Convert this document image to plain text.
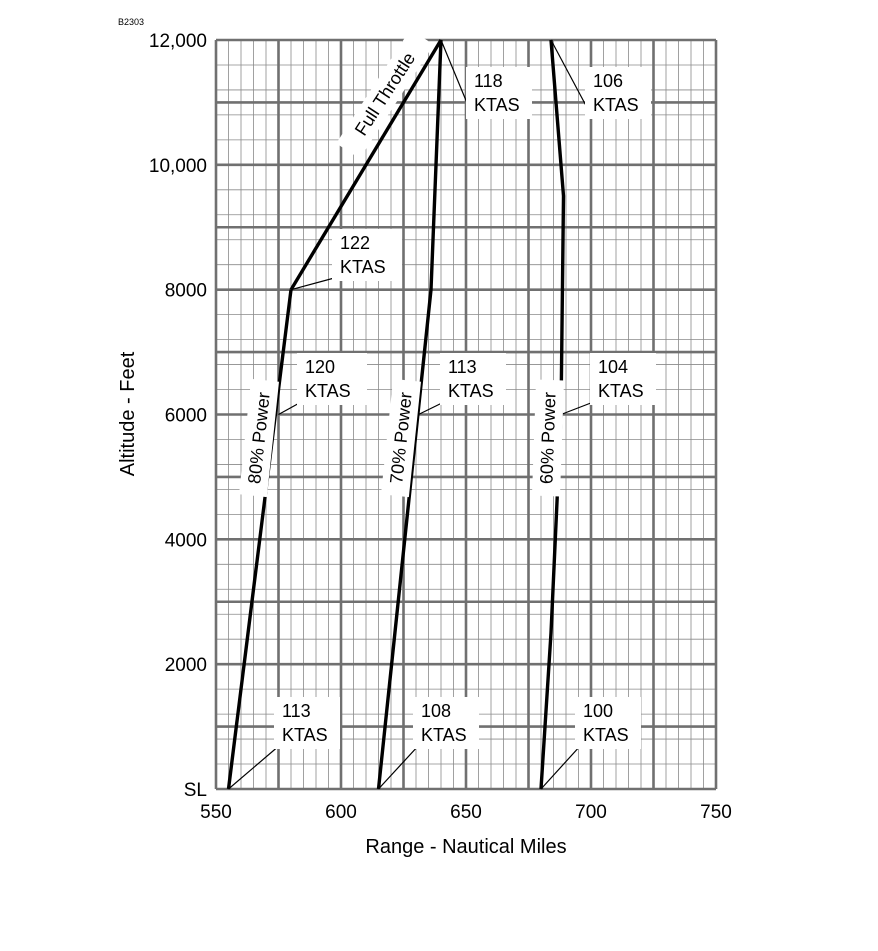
B2303
113
KTAS
108
KTAS
100
KTAS
120
KTAS
113
KTAS
104
KTAS
122
KTAS
118
KTAS
106
KTAS
80% Power
Full Throttle
70% Power	60% Power
550	600	650	700	750
SL
2000
4000
6000
8000
10,000
12,000
Range - Nautical Miles
Altitude - Feet
